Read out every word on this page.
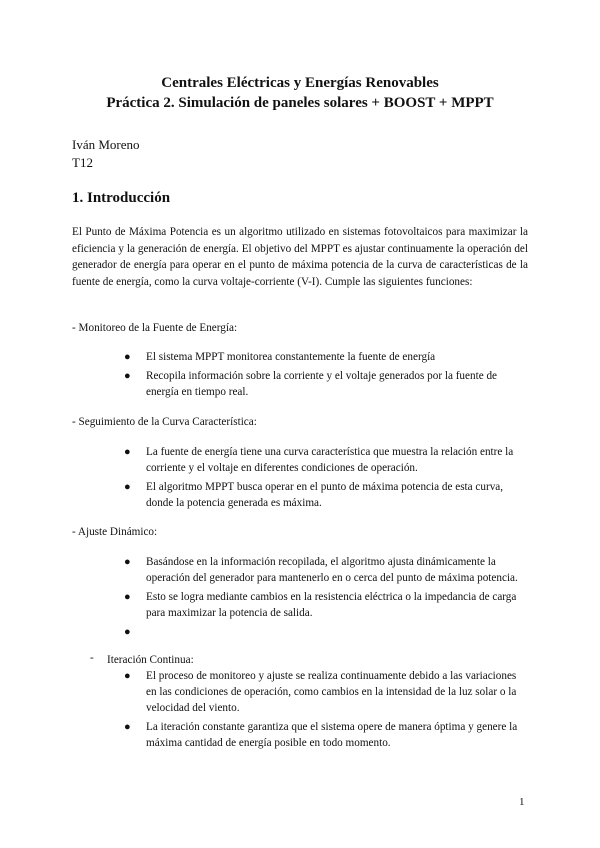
Centrales Eléctricas y Energías Renovables
Práctica 2. Simulación de paneles solares + BOOST + MPPT
Iván Moreno
T12
1. Introducción
El Punto de Máxima Potencia es un algoritmo utilizado en sistemas fotovoltaicos para maximizar la eficiencia y la generación de energía. El objetivo del MPPT es ajustar continuamente la operación del generador de energía para operar en el punto de máxima potencia de la curva de características de la fuente de energía, como la curva voltaje-corriente (V-I). Cumple las siguientes funciones:
- Monitoreo de la Fuente de Energía:
● El sistema MPPT monitorea constantemente la fuente de energía
● Recopila información sobre la corriente y el voltaje generados por la fuente de energía en tiempo real.
- Seguimiento de la Curva Característica:
● La fuente de energía tiene una curva característica que muestra la relación entre la corriente y el voltaje en diferentes condiciones de operación.
● El algoritmo MPPT busca operar en el punto de máxima potencia de esta curva, donde la potencia generada es máxima.
- Ajuste Dinámico:
● Basándose en la información recopilada, el algoritmo ajusta dinámicamente la operación del generador para mantenerlo en o cerca del punto de máxima potencia.
● Esto se logra mediante cambios en la resistencia eléctrica o la impedancia de carga para maximizar la potencia de salida.
●

- Iteración Continua:
● El proceso de monitoreo y ajuste se realiza continuamente debido a las variaciones en las condiciones de operación, como cambios en la intensidad de la luz solar o la velocidad del viento.
● La iteración constante garantiza que el sistema opere de manera óptima y genere la máxima cantidad de energía posible en todo momento.
1
